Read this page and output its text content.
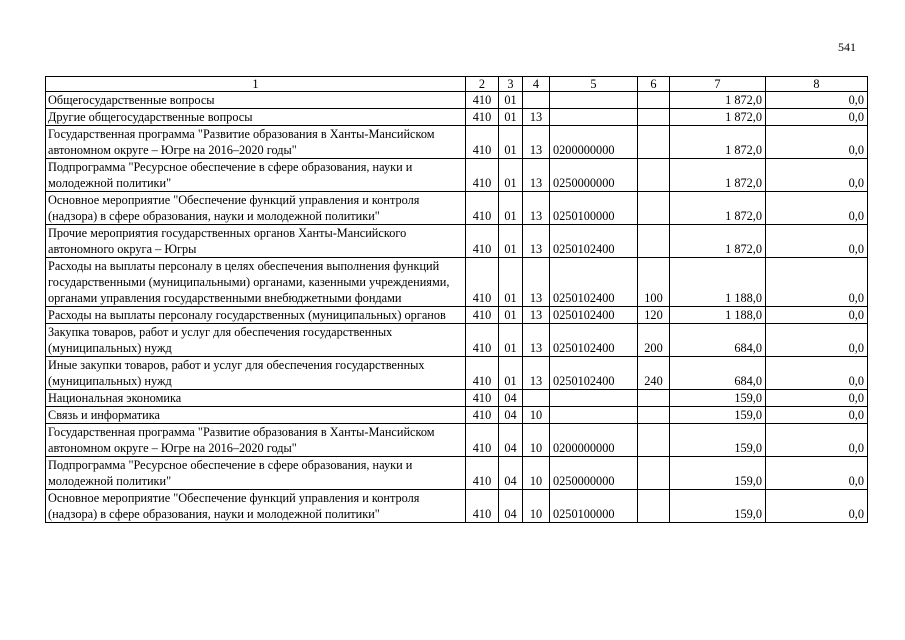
541
1	2	3	4	5	6	7	8
Общегосударственные вопросы	410	01				1 872,0	0,0
Другие общегосударственные вопросы	410	01	13			1 872,0	0,0
Государственная программа "Развитие образования в Ханты-Мансийском автономном округе – Югре на 2016–2020 годы"	410	01	13	0200000000		1 872,0	0,0
Подпрограмма "Ресурсное обеспечение в сфере образования, науки и молодежной политики"	410	01	13	0250000000		1 872,0	0,0
Основное мероприятие "Обеспечение функций управления и контроля (надзора) в сфере образования, науки и молодежной политики"	410	01	13	0250100000		1 872,0	0,0
Прочие мероприятия государственных органов Ханты-Мансийского автономного округа – Югры	410	01	13	0250102400		1 872,0	0,0
Расходы на выплаты персоналу в целях обеспечения выполнения функций государственными (муниципальными) органами, казенными учреждениями, органами управления государственными внебюджетными фондами	410	01	13	0250102400	100	1 188,0	0,0
Расходы на выплаты персоналу государственных (муниципальных) органов	410	01	13	0250102400	120	1 188,0	0,0
Закупка товаров, работ и услуг для обеспечения государственных (муниципальных) нужд	410	01	13	0250102400	200	684,0	0,0
Иные закупки товаров, работ и услуг для обеспечения государственных (муниципальных) нужд	410	01	13	0250102400	240	684,0	0,0
Национальная экономика	410	04				159,0	0,0
Связь и информатика	410	04	10			159,0	0,0
Государственная программа "Развитие образования в Ханты-Мансийском автономном округе – Югре на 2016–2020 годы"	410	04	10	0200000000		159,0	0,0
Подпрограмма "Ресурсное обеспечение в сфере образования, науки и молодежной политики"	410	04	10	0250000000		159,0	0,0
Основное мероприятие "Обеспечение функций управления и контроля (надзора) в сфере образования, науки и молодежной политики"	410	04	10	0250100000		159,0	0,0
